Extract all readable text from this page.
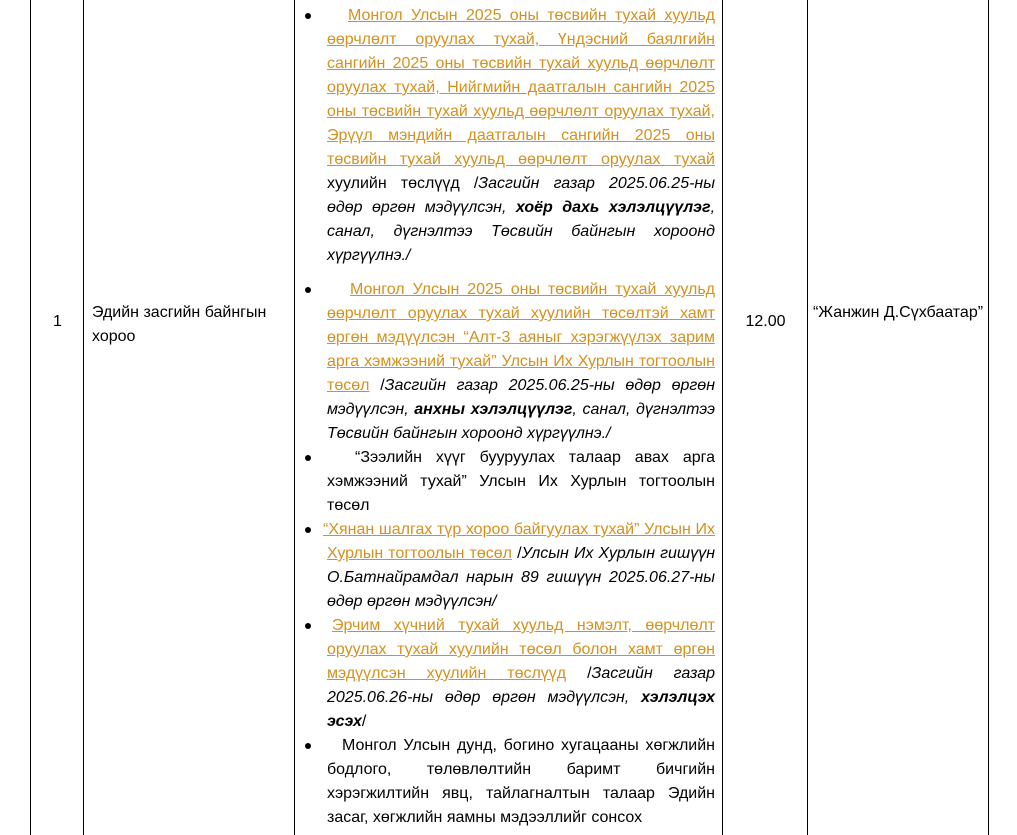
1
Эдийн засгийн байнгын хороо
12.00
“Жанжин Д.Сүхбаатар”
Монгол Улсын 2025 оны төсвийн тухай хуульд өөрчлөлт оруулах тухай, Үндэсний баялгийн сангийн 2025 оны төсвийн тухай хуульд өөрчлөлт оруулах тухай, Нийгмийн даатгалын сангийн 2025 оны төсвийн тухай хуульд өөрчлөлт оруулах тухай, Эрүүл мэндийн даатгалын сангийн 2025 оны төсвийн тухай хуульд өөрчлөлт оруулах тухай хуулийн төслүүд /Засгийн газар 2025.06.25-ны өдөр өргөн мэдүүлсэн, хоёр дахь хэлэлцүүлэг, санал, дүгнэлтээ Төсвийн байнгын хороонд хүргүүлнэ./
Монгол Улсын 2025 оны төсвийн тухай хуульд өөрчлөлт оруулах тухай хуулийн төсөлтэй хамт өргөн мэдүүлсэн “Алт-3 аяныг хэрэгжүүлэх зарим арга хэмжээний тухай” Улсын Их Хурлын тогтоолын төсөл /Засгийн газар 2025.06.25-ны өдөр өргөн мэдүүлсэн, анхны хэлэлцүүлэг, санал, дүгнэлтээ Төсвийн байнгын хороонд хүргүүлнэ./
“Зээлийн хүүг бууруулах талаар авах арга хэмжээний тухай” Улсын Их Хурлын тогтоолын төсөл
“Хянан шалгах түр хороо байгуулах тухай” Улсын Их Хурлын тогтоолын төсөл /Улсын Их Хурлын гишүүн О.Батнайрамдал нарын 89 гишүүн 2025.06.27-ны өдөр өргөн мэдүүлсэн/
Эрчим хүчний тухай хуульд нэмэлт, өөрчлөлт оруулах тухай хуулийн төсөл болон хамт өргөн мэдүүлсэн хуулийн төслүүд /Засгийн газар 2025.06.26-ны өдөр өргөн мэдүүлсэн, хэлэлцэх эсэх/
Монгол Улсын дунд, богино хугацааны хөгжлийн бодлого, төлөвлөлтийн баримт бичгийн хэрэгжилтийн явц, тайлагналтын талаар Эдийн засаг, хөгжлийн яамны мэдээллийг сонсох
